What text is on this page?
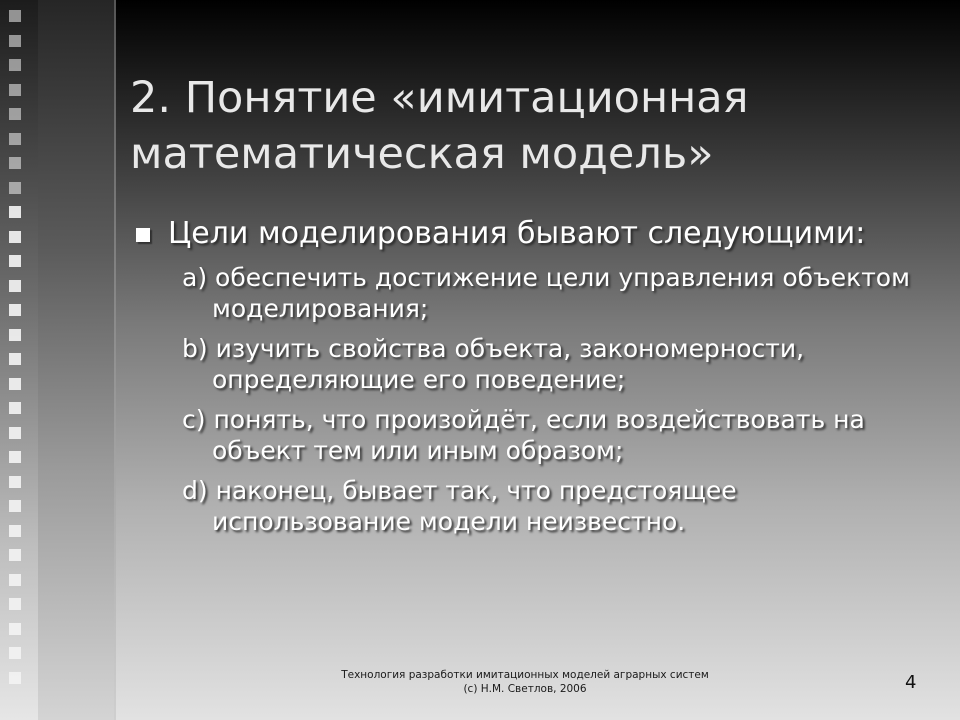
2. Понятие «имитационная математическая модель»
Цели моделирования бывают следующими:
a) обеспечить достижение цели управления объектом моделирования;
b) изучить свойства объекта, закономерности, определяющие его поведение;
c) понять, что произойдёт, если воздействовать на объект тем или иным образом;
d) наконец, бывает так, что предстоящее использование модели неизвестно.
Технология разработки имитационных моделей аграрных систем
(c) Н.М. Светлов, 2006	4
